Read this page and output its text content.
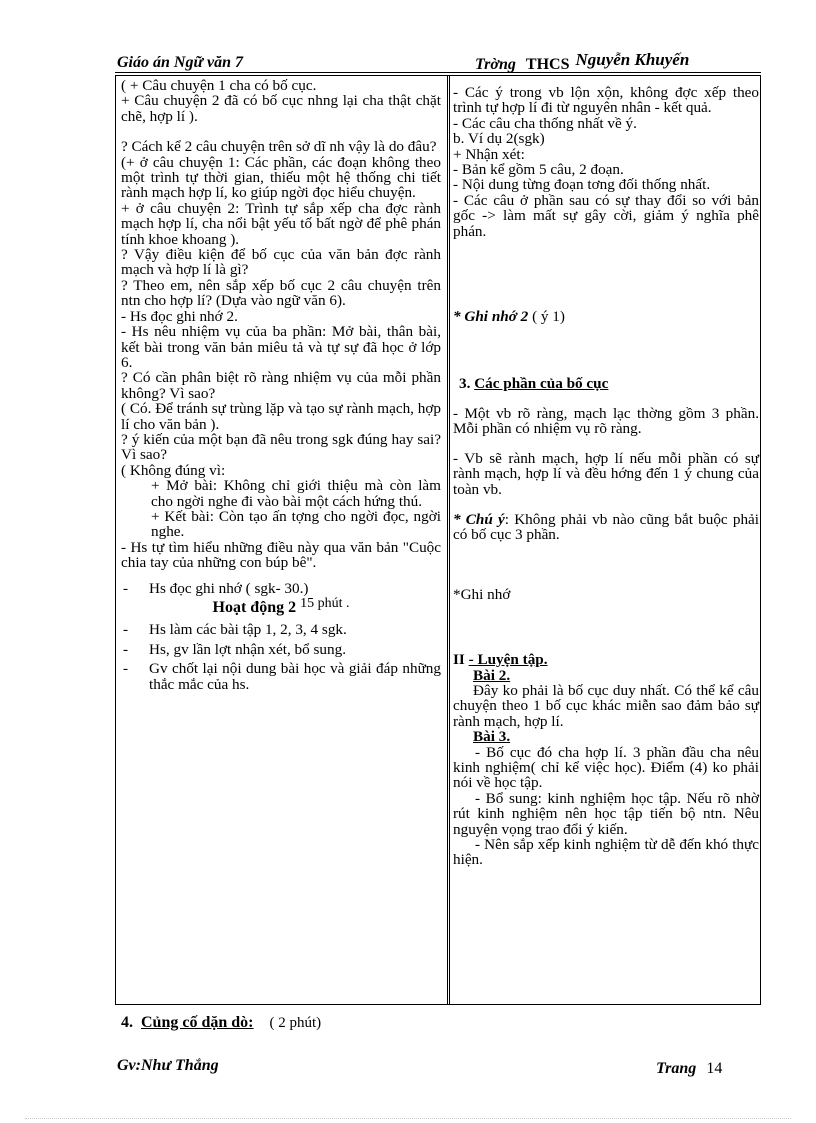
Giáo án Ngữ văn 7	Trờng THCS Nguyễn Khuyến

( + Câu chuyện 1 cha có bố cục.

+ Câu chuyện 2 đã có bố cục nhng lại cha thật chặt chẽ, hợp lí ).

? Cách kể 2 câu chuyện trên sở dĩ nh vậy là do đâu?

(+ ở câu chuyện 1: Các phần, các đoạn không theo một trình tự thời gian, thiếu một hệ thống chi tiết rành mạch hợp lí, ko giúp ngời đọc hiểu chuyện.

+ ở câu chuyện 2: Trình tự sắp xếp cha đợc rành mạch hợp lí, cha nổi bật yếu tố bất ngờ để phê phán tính khoe khoang ).

? Vậy điều kiện để bố cục của văn bản đợc rành mạch và hợp lí là gì?

? Theo em, nên sắp xếp bố cục 2 câu chuyện trên ntn cho hợp lí? (Dựa vào ngữ văn 6).

- Hs đọc ghi nhớ 2.

- Hs nêu nhiệm vụ của ba phần: Mở bài, thân bài, kết bài trong văn bản miêu tả và tự sự đã học ở lớp 6.

? Có cần phân biệt rõ ràng nhiệm vụ của mỗi phần không? Vì sao?

( Có. Để tránh sự trùng lặp và tạo sự rành mạch, hợp lí cho văn bản ).

? ý kiến của một bạn đã nêu trong sgk đúng hay sai? Vì sao?

( Không đúng vì:

+ Mở bài: Không chỉ giới thiệu mà còn làm cho ngời nghe đi vào bài một cách hứng thú.

+ Kết bài: Còn tạo ấn tợng cho ngời đọc, ngời nghe.

- Hs tự tìm hiểu những điều này qua văn bản "Cuộc chia tay của những con búp bê".

- Hs đọc ghi nhớ ( sgk- 30.)

Hoạt động 2 15 phút .

- Hs làm các bài tập 1, 2, 3, 4 sgk.

- Hs, gv lần lợt nhận xét, bổ sung.

- Gv chốt lại nội dung bài học và giải đáp những thắc mắc của hs.

- Các ý trong vb lộn xộn, không đợc xếp theo trình tự hợp lí đi từ nguyên nhân - kết quả.

- Các câu cha thống nhất về ý.

b. Ví dụ 2(sgk)

+ Nhận xét:

- Bản kể gồm 5 câu, 2 đoạn.

- Nội dung từng đoạn tơng đối thống nhất.

- Các câu ở phần sau có sự thay đổi so với bản gốc -> làm mất sự gây cời, giảm ý nghĩa phê phán.

* Ghi nhớ 2 ( ý 1)

3. Các phần của bố cục

- Một vb rõ ràng, mạch lạc thờng gồm 3 phần. Mỗi phần có nhiệm vụ rõ ràng.

- Vb sẽ rành mạch, hợp lí nếu mỗi phần có sự rành mạch, hợp lí và đều hớng đến 1 ý chung của toàn vb.

* Chú ý: Không phải vb nào cũng bắt buộc phải có bố cục 3 phần.

*Ghi nhớ

II - Luyện tập.

Bài 2.

Đây ko phải là bố cục duy nhất. Có thể kể câu chuyện theo 1 bố cục khác miễn sao đảm bảo sự rành mạch, hợp lí.

Bài 3.

- Bố cục đó cha hợp lí. 3 phần đầu cha nêu kinh nghiệm( chỉ kể việc học). Điểm (4) ko phải nói về học tập.

- Bổ sung: kinh nghiệm học tập. Nếu rõ nhờ rút kinh nghiệm nên học tập tiến bộ ntn. Nêu nguyện vọng trao đổi ý kiến.

- Nên sắp xếp kinh nghiệm từ dễ đến khó thực hiện.

4. Củng cố dặn dò: ( 2 phút)
Gv:Như Thắng	Trang 14
